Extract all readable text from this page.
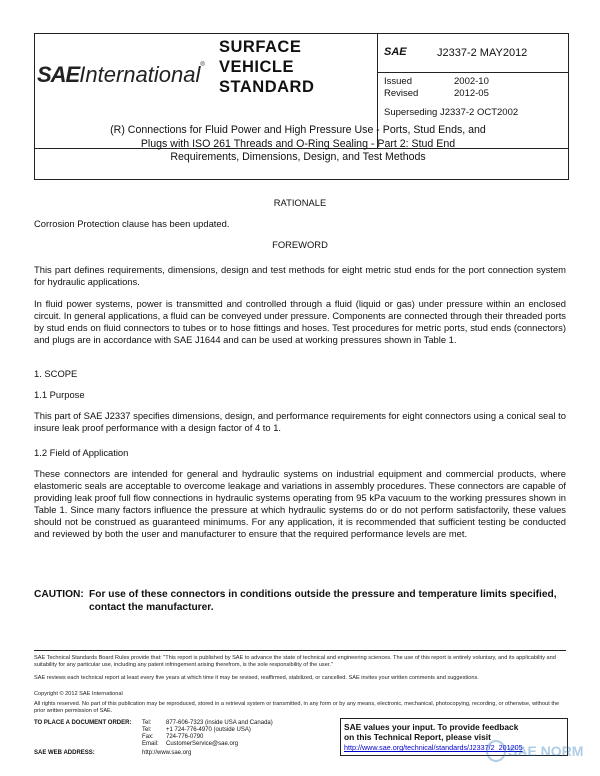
SAEInternational®
SURFACE
VEHICLE
STANDARD
SAE	J2337-2 MAY2012
Issued
Revised
2002-10
2012-05
Superseding J2337-2 OCT2002
(R) Connections for Fluid Power and High Pressure Use - Ports, Stud Ends, and
Plugs with ISO 261 Threads and O-Ring Sealing - Part 2: Stud End
Requirements, Dimensions, Design, and Test Methods
RATIONALE
Corrosion Protection clause has been updated.
FOREWORD
This part defines requirements, dimensions, design and test methods for eight metric stud ends for the port connection system for hydraulic applications.
In fluid power systems, power is transmitted and controlled through a fluid (liquid or gas) under pressure within an enclosed circuit. In general applications, a fluid can be conveyed under pressure. Components are connected through their threaded ports by stud ends on fluid connectors to tubes or to hose fittings and hoses. Test procedures for metric ports, stud ends (connectors) and plugs are in accordance with SAE J1644 and can be used at working pressures shown in Table 1.
1. SCOPE
1.1 Purpose
This part of SAE J2337 specifies dimensions, design, and performance requirements for eight connectors using a conical seal to insure leak proof performance with a design factor of 4 to 1.
1.2 Field of Application
These connectors are intended for general and hydraulic systems on industrial equipment and commercial products, where elastomeric seals are acceptable to overcome leakage and variations in assembly procedures. These connectors are capable of providing leak proof full flow connections in hydraulic systems operating from 95 kPa vacuum to the working pressures shown in Table 1. Since many factors influence the pressure at which hydraulic systems do or do not perform satisfactorily, these values should not be construed as guaranteed minimums. For any application, it is recommended that sufficient testing be conducted and reviewed by both the user and manufacturer to ensure that the required performance levels are met.
CAUTION: For use of these connectors in conditions outside the pressure and temperature limits specified, contact the manufacturer.
SAE Technical Standards Board Rules provide that: "This report is published by SAE to advance the state of technical and engineering sciences. The use of this report is entirely voluntary, and its applicability and suitability for any particular use, including any patent infringement arising therefrom, is the sole responsibility of the user."
SAE reviews each technical report at least every five years at which time it may be revised, reaffirmed, stabilized, or cancelled. SAE invites your written comments and suggestions.
Copyright © 2012 SAE International
All rights reserved. No part of this publication may be reproduced, stored in a retrieval system or transmitted, in any form or by any means, electronic, mechanical, photocopying, recording, or otherwise, without the prior written permission of SAE.
TO PLACE A DOCUMENT ORDER: Tel: 877-606-7323 (inside USA and Canada)
Tel: +1 724-776-4970 (outside USA)
Fax: 724-776-0790
Email: CustomerService@sae.org
SAE WEB ADDRESS:	http://www.sae.org
SAE values your input. To provide feedback
on this Technical Report, please visit
http://www.sae.org/technical/standards/J2337/2_201205
SAE NORM
